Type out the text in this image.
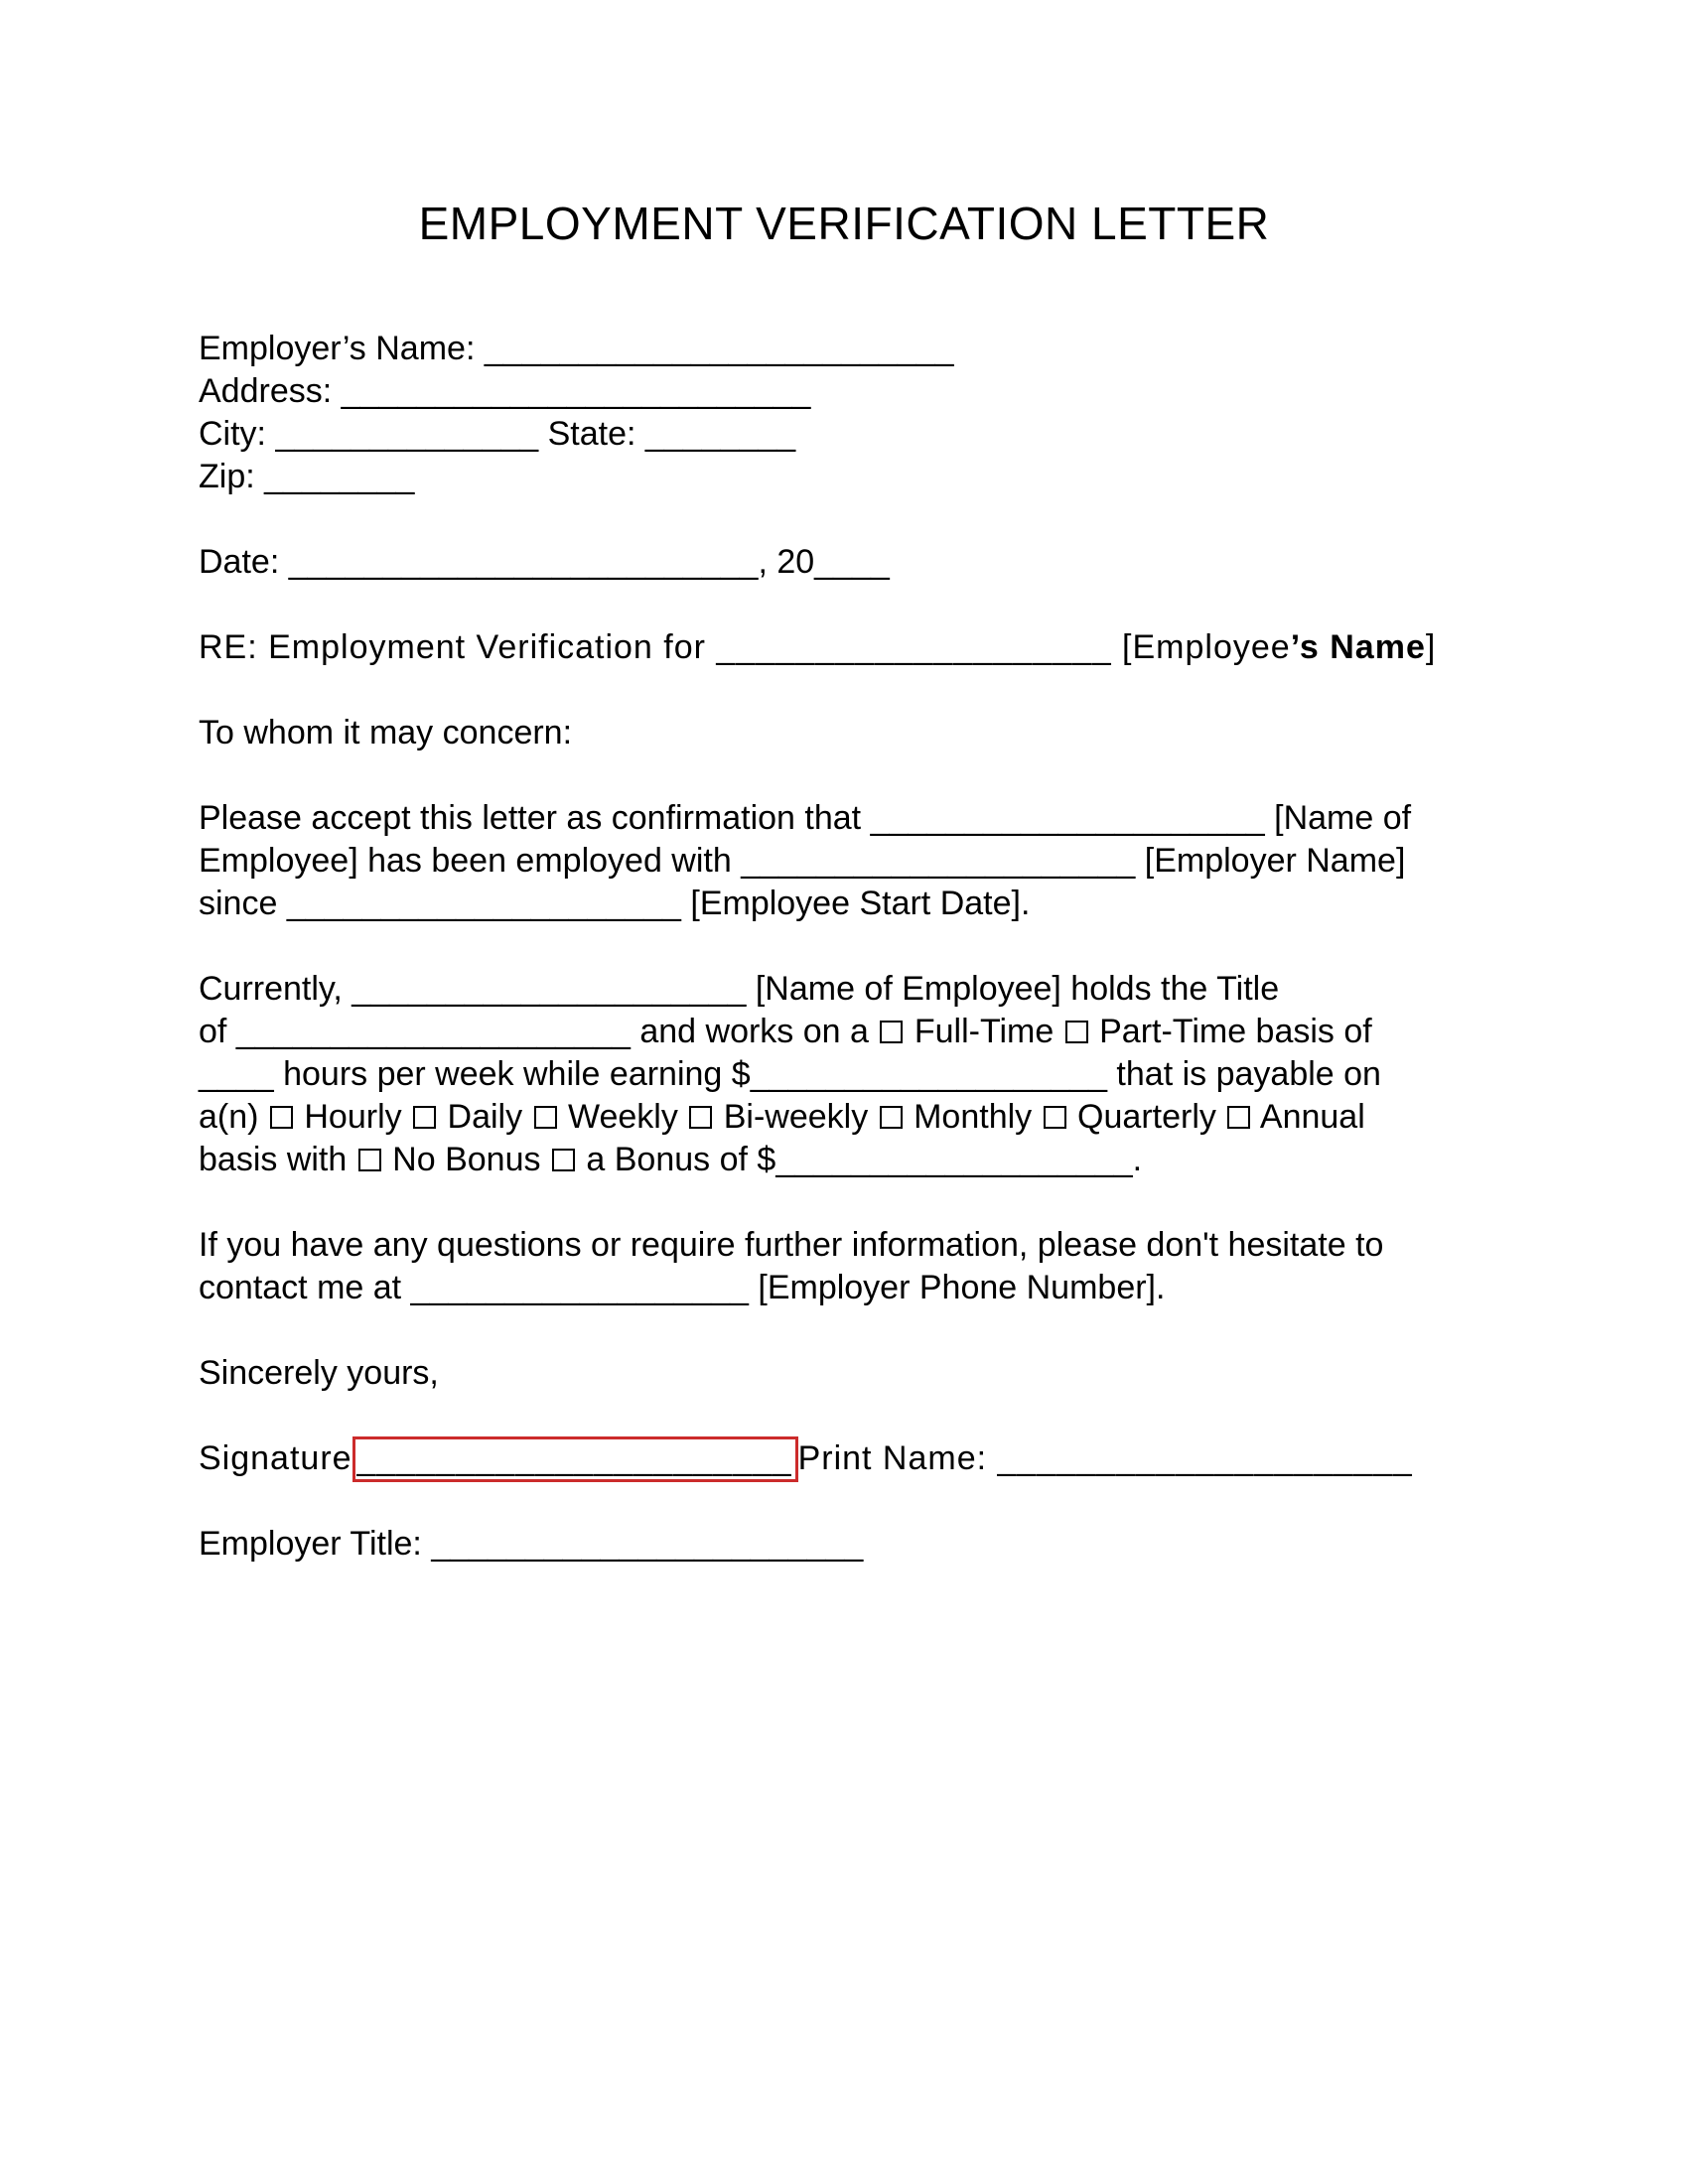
EMPLOYMENT VERIFICATION LETTER
Employer’s Name: _________________________
Address: _________________________
City: ______________ State: ________
Zip: ________
Date: _________________________, 20____
RE: Employment Verification for ____________________ [Employee’s Name]
To whom it may concern:
Please accept this letter as confirmation that _____________________ [Name of
Employee] has been employed with _____________________ [Employer Name]
since _____________________ [Employee Start Date].
Currently, _____________________ [Name of Employee] holds the Title
of _____________________ and works on a  Full-Time  Part-Time basis of
____ hours per week while earning $___________________ that is payable on
a(n)  Hourly  Daily  Weekly  Bi-weekly  Monthly  Quarterly  Annual
basis with  No Bonus  a Bonus of $___________________.
If you have any questions or require further information, please don't hesitate to
contact me at __________________ [Employer Phone Number].
Sincerely yours,
Signature ______________________ Print Name: _____________________
Employer Title: _______________________
